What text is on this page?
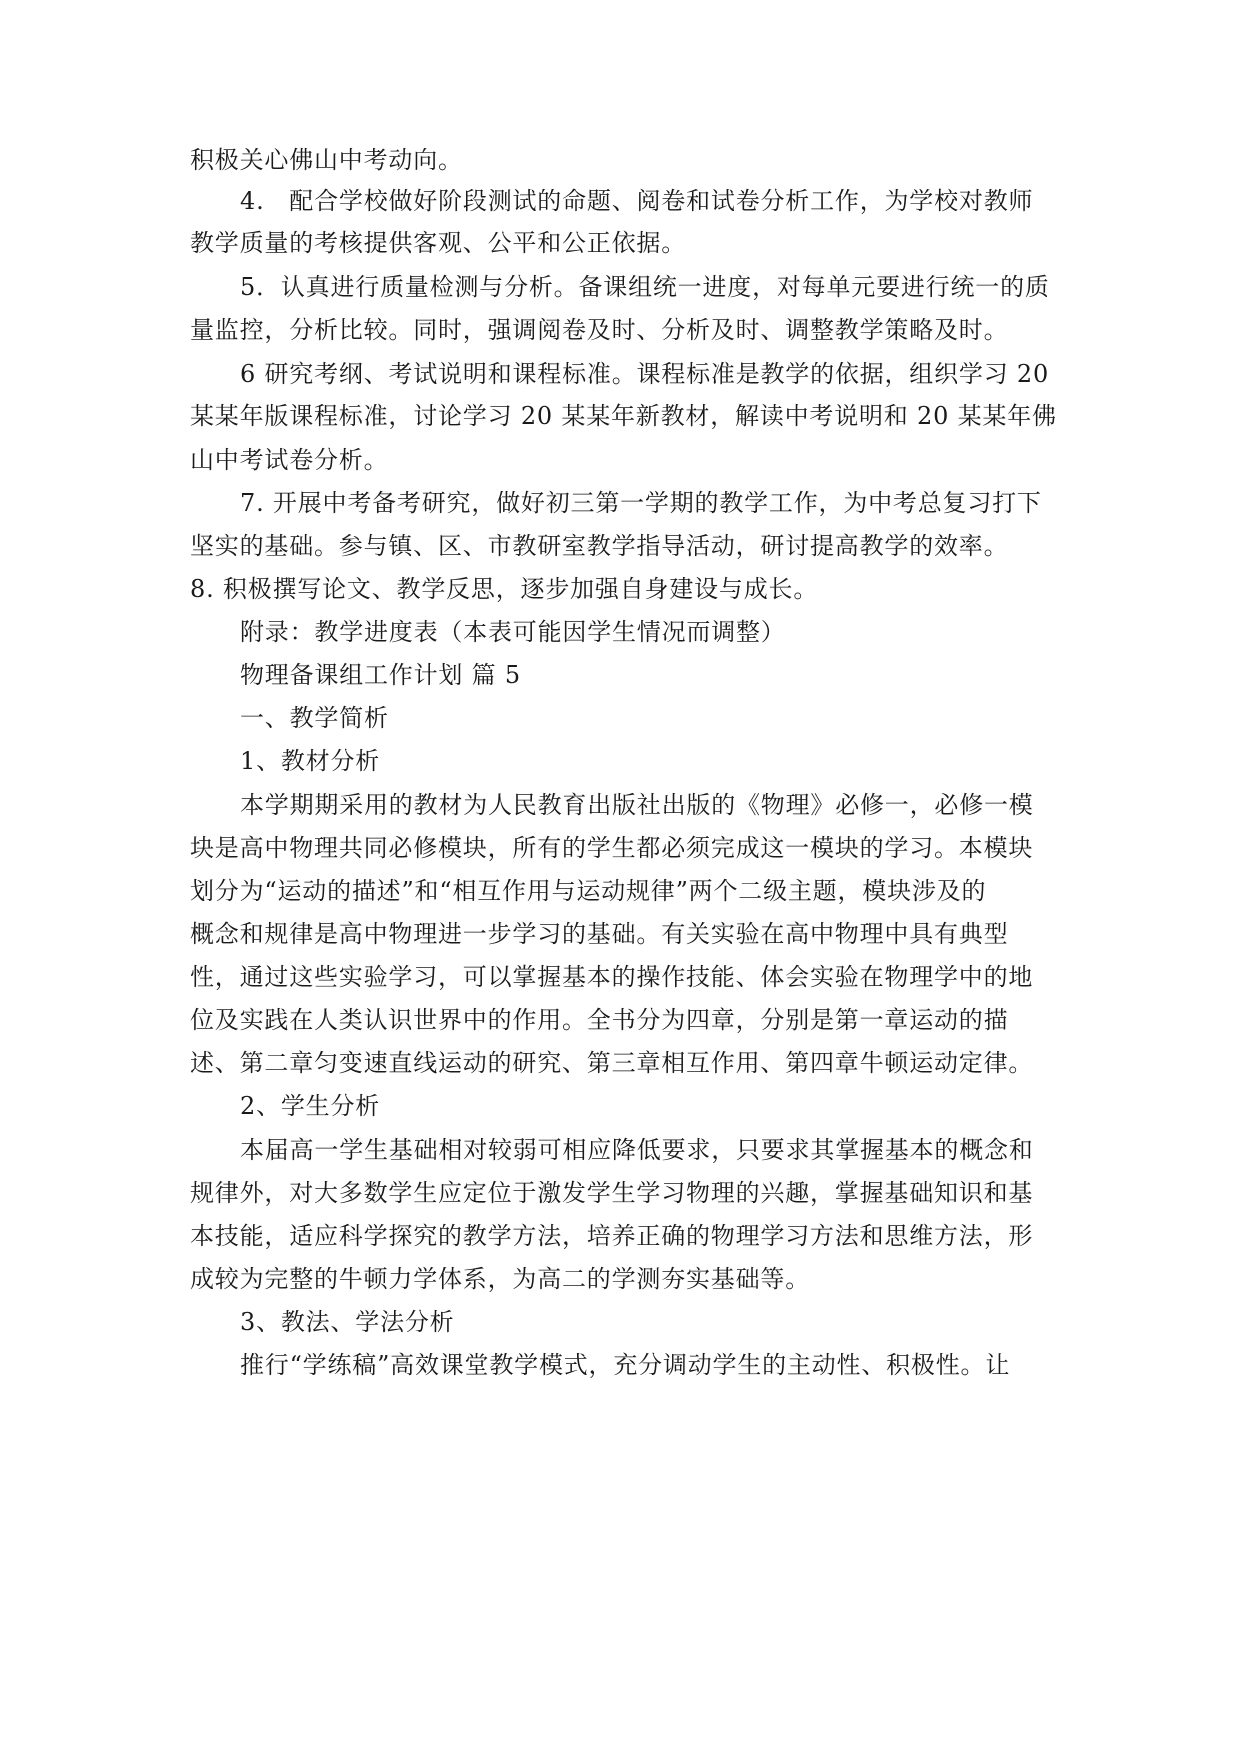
积极关心佛山中考动向。
4.　配合学校做好阶段测试的命题、阅卷和试卷分析工作，为学校对教师
教学质量的考核提供客观、公平和公正依据。
5．认真进行质量检测与分析。备课组统一进度，对每单元要进行统一的质
量监控，分析比较。同时，强调阅卷及时、分析及时、调整教学策略及时。
6 研究考纲、考试说明和课程标准。课程标准是教学的依据，组织学习 20
某某年版课程标准，讨论学习 20 某某年新教材，解读中考说明和 20 某某年佛
山中考试卷分析。
7. 开展中考备考研究，做好初三第一学期的教学工作，为中考总复习打下
坚实的基础。参与镇、区、市教研室教学指导活动，研讨提高教学的效率。
8. 积极撰写论文、教学反思，逐步加强自身建设与成长。
附录：教学进度表（本表可能因学生情况而调整）
物理备课组工作计划 篇 5
一、教学简析
1、教材分析
本学期期采用的教材为人民教育出版社出版的《物理》必修一，必修一模
块是高中物理共同必修模块，所有的学生都必须完成这一模块的学习。本模块
划分为“运动的描述”和“相互作用与运动规律”两个二级主题，模块涉及的
概念和规律是高中物理进一步学习的基础。有关实验在高中物理中具有典型
性，通过这些实验学习，可以掌握基本的操作技能、体会实验在物理学中的地
位及实践在人类认识世界中的作用。全书分为四章，分别是第一章运动的描
述、第二章匀变速直线运动的研究、第三章相互作用、第四章牛顿运动定律。
2、学生分析
本届高一学生基础相对较弱可相应降低要求，只要求其掌握基本的概念和
规律外，对大多数学生应定位于激发学生学习物理的兴趣，掌握基础知识和基
本技能，适应科学探究的教学方法，培养正确的物理学习方法和思维方法，形
成较为完整的牛顿力学体系，为高二的学测夯实基础等。
3、教法、学法分析
推行“学练稿”高效课堂教学模式，充分调动学生的主动性、积极性。让
